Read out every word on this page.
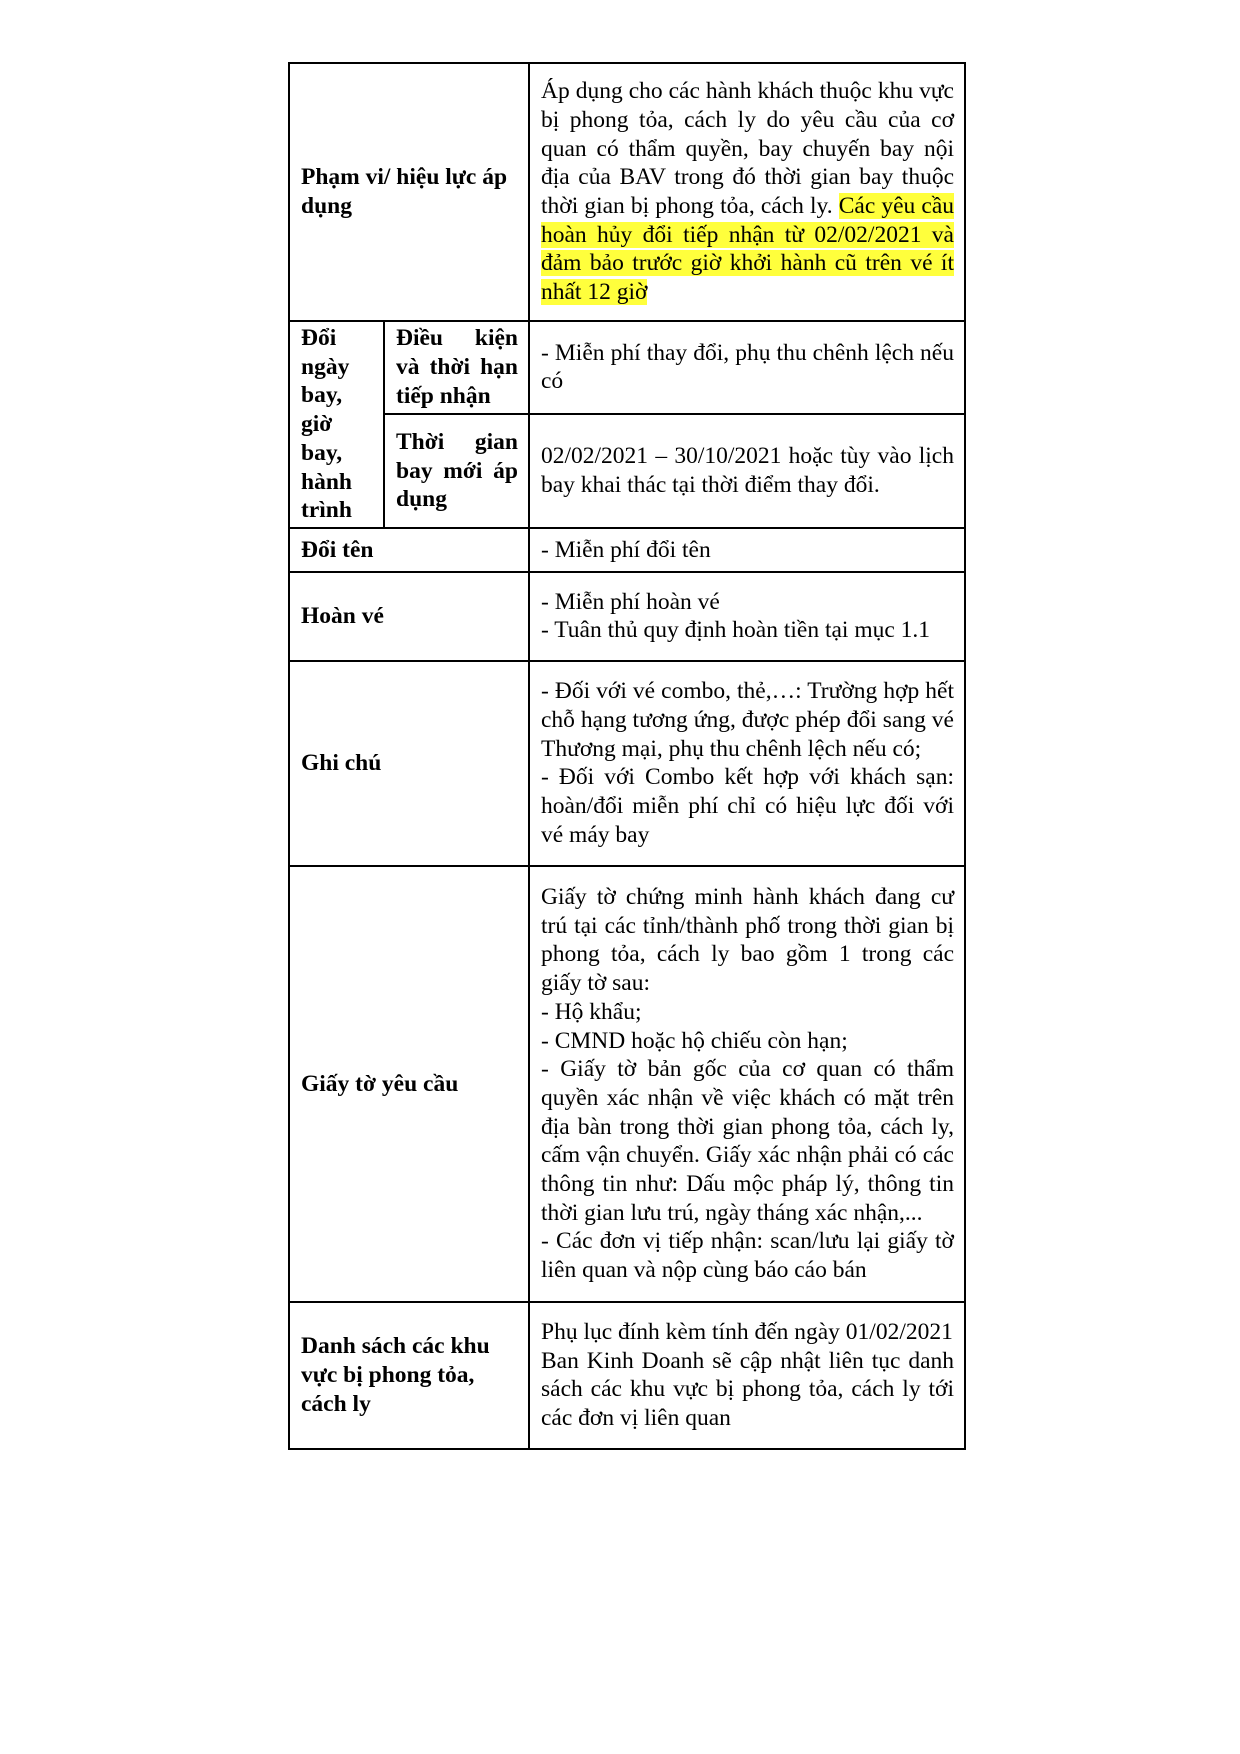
Phạm vi/ hiệu lực áp dụng		Áp dụng cho các hành khách thuộc khu vực bị phong tỏa, cách ly do yêu cầu của cơ quan có thẩm quyền, bay chuyến bay nội địa của BAV trong đó thời gian bay thuộc thời gian bị phong tỏa, cách ly. Các yêu cầu hoàn hủy đổi tiếp nhận từ 02/02/2021 và đảm bảo trước giờ khởi hành cũ trên vé ít nhất 12 giờ
Đổi ngày bay, giờ bay, hành trình	Điều kiện và thời hạn tiếp nhận	- Miễn phí thay đổi, phụ thu chênh lệch nếu có
	Thời gian bay mới áp dụng	02/02/2021 – 30/10/2021 hoặc tùy vào lịch bay khai thác tại thời điểm thay đổi.
Đổi tên		- Miễn phí đổi tên
Hoàn vé		- Miễn phí hoàn vé
- Tuân thủ quy định hoàn tiền tại mục 1.1

Ghi chú		- Đối với vé combo, thẻ,…: Trường hợp hết chỗ hạng tương ứng, được phép đổi sang vé Thương mại, phụ thu chênh lệch nếu có;
- Đối với Combo kết hợp với khách sạn: hoàn/đổi miễn phí chỉ có hiệu lực đối với vé máy bay

Giấy tờ yêu cầu		Giấy tờ chứng minh hành khách đang cư trú tại các tỉnh/thành phố trong thời gian bị phong tỏa, cách ly bao gồm 1 trong các giấy tờ sau:
- Hộ khẩu;
- CMND hoặc hộ chiếu còn hạn;
- Giấy tờ bản gốc của cơ quan có thẩm quyền xác nhận về việc khách có mặt trên địa bàn trong thời gian phong tỏa, cách ly, cấm vận chuyển. Giấy xác nhận phải có các thông tin như: Dấu mộc pháp lý, thông tin thời gian lưu trú, ngày tháng xác nhận,...
- Các đơn vị tiếp nhận: scan/lưu lại giấy tờ liên quan và nộp cùng báo cáo bán

Danh sách các khu vực bị phong tỏa, cách ly		Phụ lục đính kèm tính đến ngày 01/02/2021
Ban Kinh Doanh sẽ cập nhật liên tục danh sách các khu vực bị phong tỏa, cách ly tới các đơn vị liên quan
